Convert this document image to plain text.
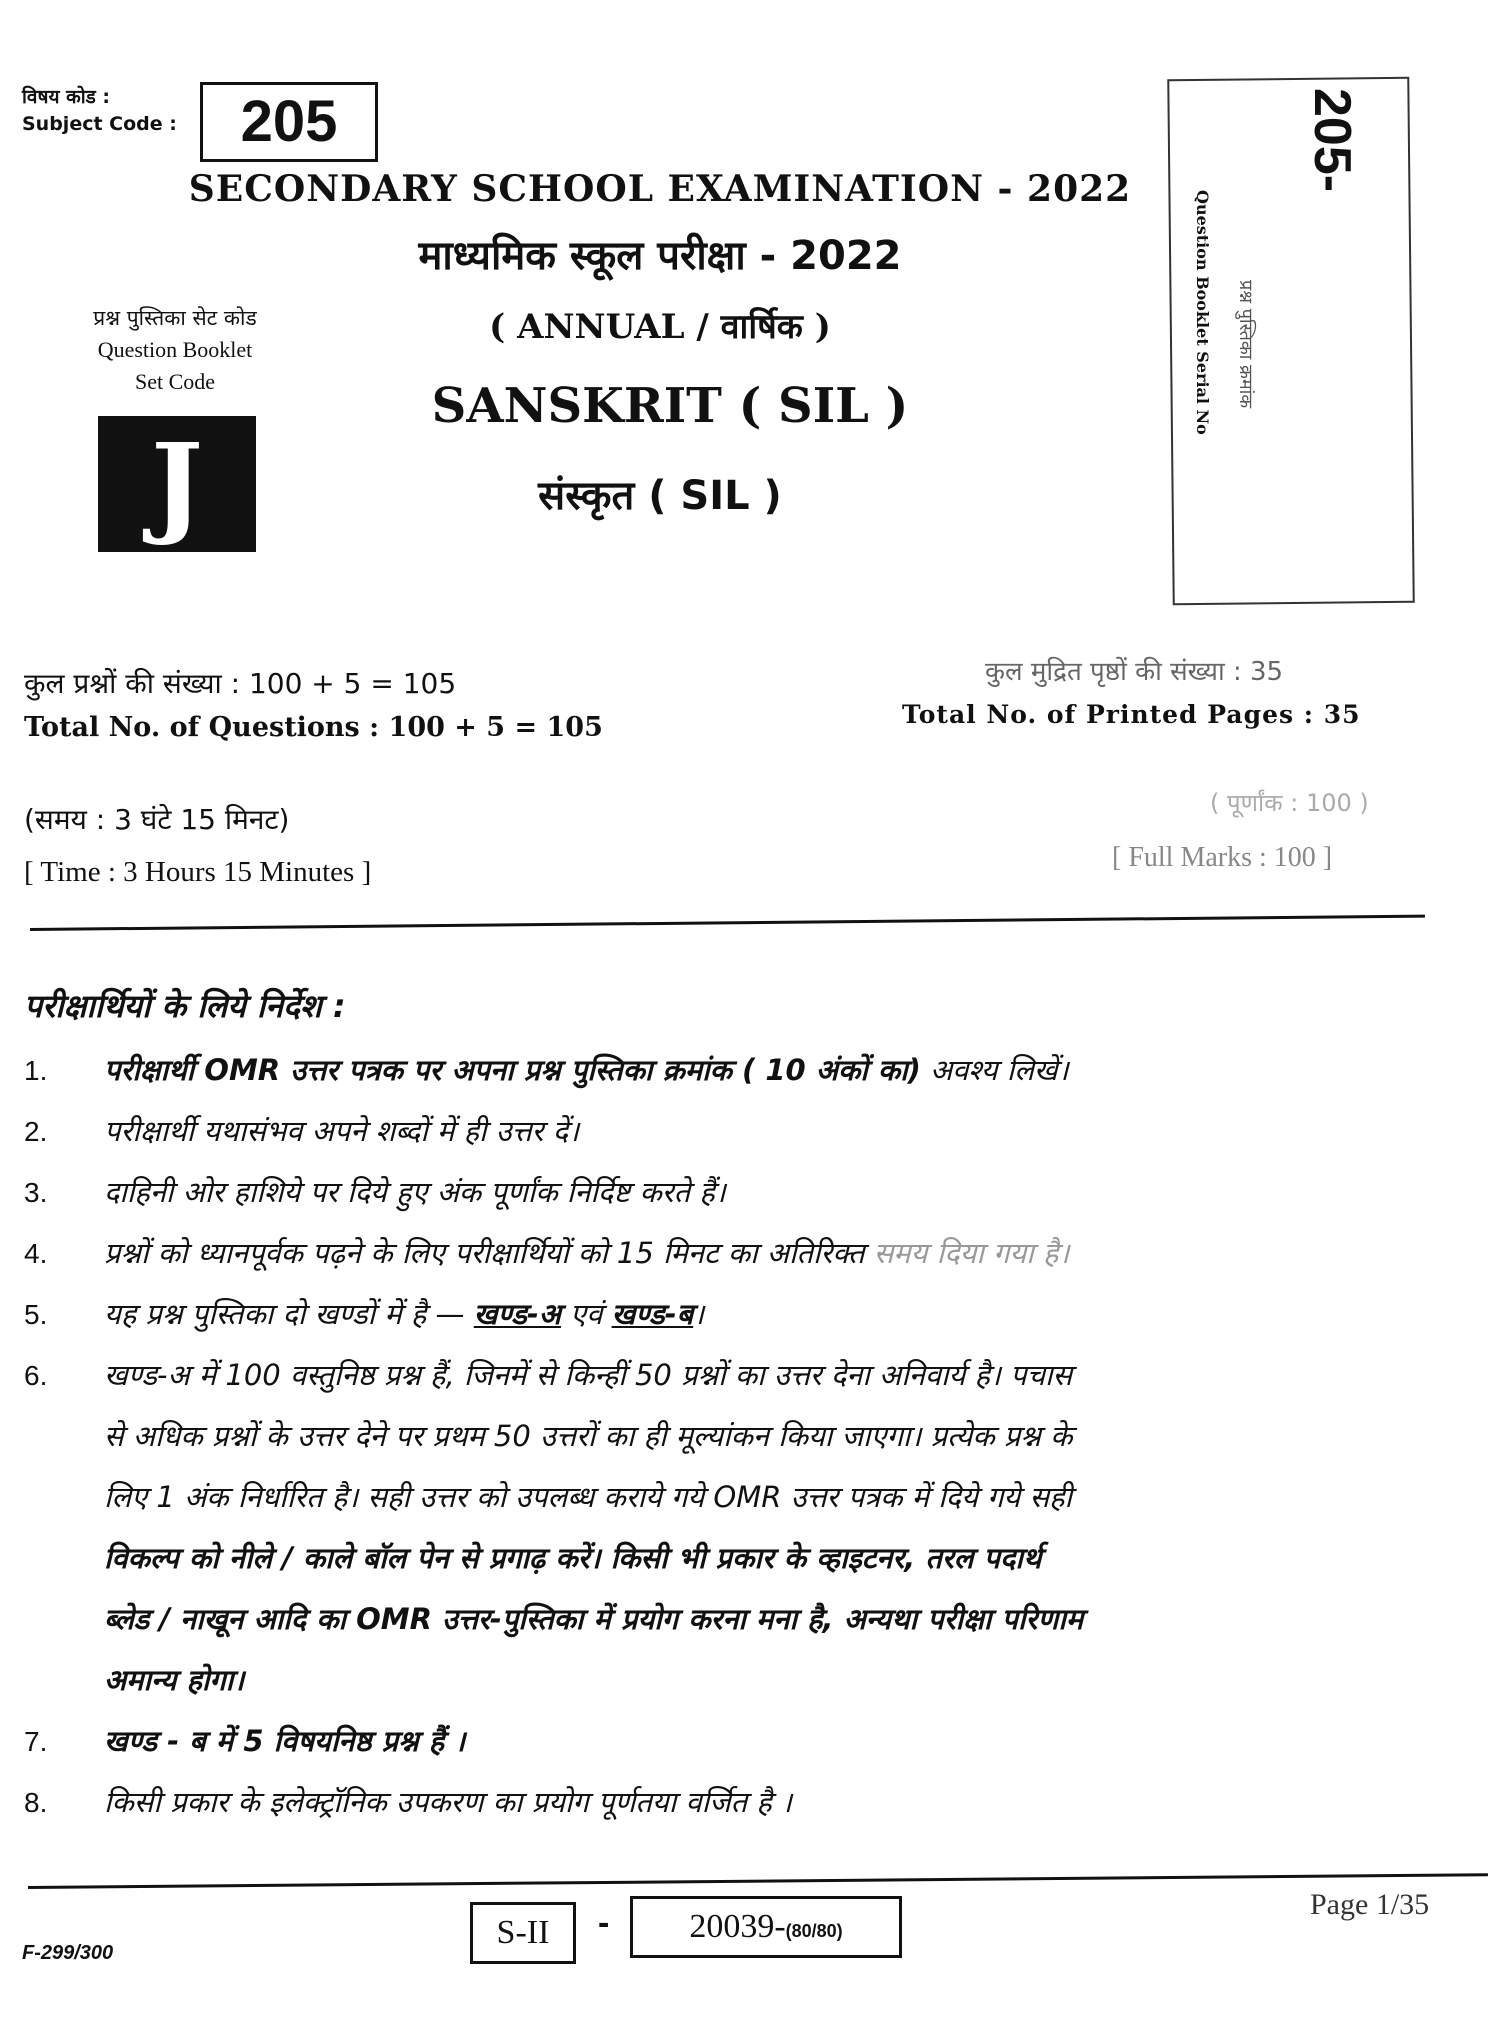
विषय कोड :
Subject Code :	205
SECONDARY SCHOOL EXAMINATION - 2022
माध्यमिक स्कूल परीक्षा - 2022
( ANNUAL / वार्षिक )
SANSKRIT ( SIL )
संस्कृत ( SIL )
प्रश्न पुस्तिका सेट कोड
Question Booklet
Set Code
J
205-
Question Booklet Serial No प्रश्न पुस्तिका क्रमांक
कुल प्रश्नों की संख्या : 100 + 5 = 105
Total No. of Questions : 100 + 5 = 105
कुल मुद्रित पृष्ठों की संख्या : 35
Total No. of Printed Pages : 35
(समय : 3 घंटे 15 मिनट)
[ Time : 3 Hours 15 Minutes ]
( पूर्णांक : 100 )
[ Full Marks : 100 ]
परीक्षार्थियों के लिये निर्देश :
1.	परीक्षार्थी OMR उत्तर पत्रक पर अपना प्रश्न पुस्तिका क्रमांक ( 10 अंकों का) अवश्य लिखें।
2.	परीक्षार्थी यथासंभव अपने शब्दों में ही उत्तर दें।
3.	दाहिनी ओर हाशिये पर दिये हुए अंक पूर्णांक निर्दिष्ट करते हैं।
4.	प्रश्नों को ध्यानपूर्वक पढ़ने के लिए परीक्षार्थियों को 15 मिनट का अतिरिक्त समय दिया गया है।
5.	यह प्रश्न पुस्तिका दो खण्डों में है — खण्ड-अ एवं खण्ड-ब।
6.	खण्ड-अ में 100 वस्तुनिष्ठ प्रश्न हैं, जिनमें से किन्हीं 50 प्रश्नों का उत्तर देना अनिवार्य है। पचास
से अधिक प्रश्नों के उत्तर देने पर प्रथम 50 उत्तरों का ही मूल्यांकन किया जाएगा। प्रत्येक प्रश्न के
लिए 1 अंक निर्धारित है। सही उत्तर को उपलब्ध कराये गये OMR उत्तर पत्रक में दिये गये सही
विकल्प को नीले / काले बॉल पेन से प्रगाढ़ करें। किसी भी प्रकार के व्हाइटनर, तरल पदार्थ
ब्लेड / नाखून आदि का OMR उत्तर-पुस्तिका में प्रयोग करना मना है, अन्यथा परीक्षा परिणाम
अमान्य होगा।
7.	खण्ड - ब में 5 विषयनिष्ठ प्रश्न हैं ।
8.	किसी प्रकार के इलेक्ट्रॉनिक उपकरण का प्रयोग पूर्णतया वर्जित है ।
F-299/300
S-II	-	20039-(80/80)
Page 1/35
